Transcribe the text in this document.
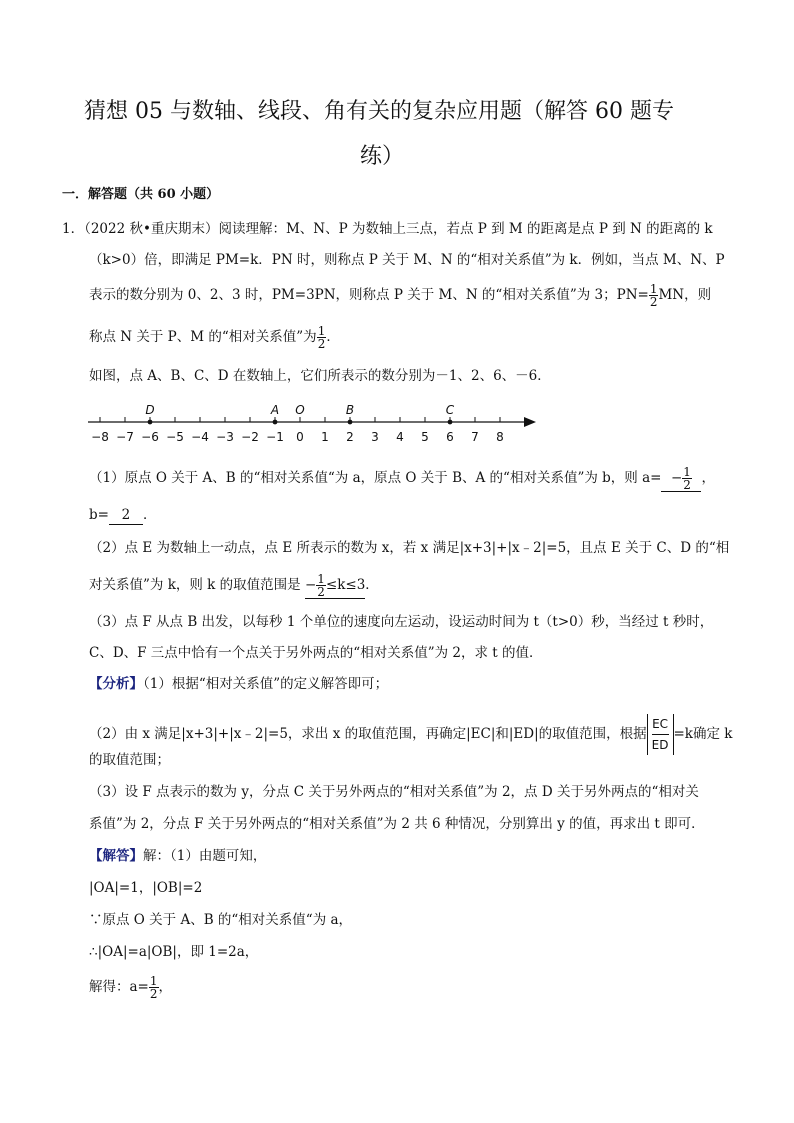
猜想 05 与数轴、线段、角有关的复杂应用题（解答 60 题专
练）
一．解答题（共 60 小题）
1．（2022 秋•重庆期末）阅读理解：M、N、P 为数轴上三点，若点 P 到 M 的距离是点 P 到 N 的距离的 k
（k>0）倍，即满足 PM=k．PN 时，则称点 P 关于 M、N 的“相对关系值”为 k．例如，当点 M、N、P
表示的数分别为 0、2、3 时，PM=3PN，则称点 P 关于 M、N 的“相对关系值”为 3；$PN= \frac{1}{2}$ MN，则
称点 N 关于 P、M 的“相对关系值”为 $\frac{1}{2}$ ．
如图，点 A、B、C、D 在数轴上，它们所表示的数分别为－1、2、6、－6．
−8 −7 −6 −5 −4 −3 −2 −1 0 1 2 3 4 5 6 7 8
D	A O	B	C
（1）原点 O 关于 A、B 的“相对关系值“为 a，原点 O 关于 B、A 的“相对关系值”为 b，则 $a= - \frac{1}{2}$ ，
b= 2 ．
（2）点 E 为数轴上一动点，点 E 所表示的数为 x，若 x 满足|x+3|+|x﹣2|=5，且点 E 关于 C、D 的“相
对关系值”为 k，则 k 的取值范围是 − $\frac{1}{2} \le k\le 3$．
（3）点 F 从点 B 出发，以每秒 1 个单位的速度向左运动，设运动时间为 t（t>0）秒，当经过 t 秒时，
C、D、F 三点中恰有一个点关于另外两点的“相对关系值”为 2，求 t 的值．
【分析】（1）根据“相对关系值”的定义解答即可；
（2）由 x 满足|x+3|+|x﹣2|=5，求出 x 的取值范围，再确定|EC|和|ED|的取值范围，根据 $\frac{EC}{ED} =k$确定 k
的取值范围；
（3）设 F 点表示的数为 y，分点 C 关于另外两点的“相对关系值”为 2，点 D 关于另外两点的“相对关
系值”为 2，分点 F 关于另外两点的“相对关系值”为 2 共 6 种情况，分别算出 y 的值，再求出 t 即可．
【解答】解：（1）由题可知，
|OA|=1，|OB|=2
∵原点 O 关于 A、B 的“相对关系值“为 a，
∴|OA|=a|OB|，即 1=2a，
解得：$a= \frac{1}{2}$ ，
